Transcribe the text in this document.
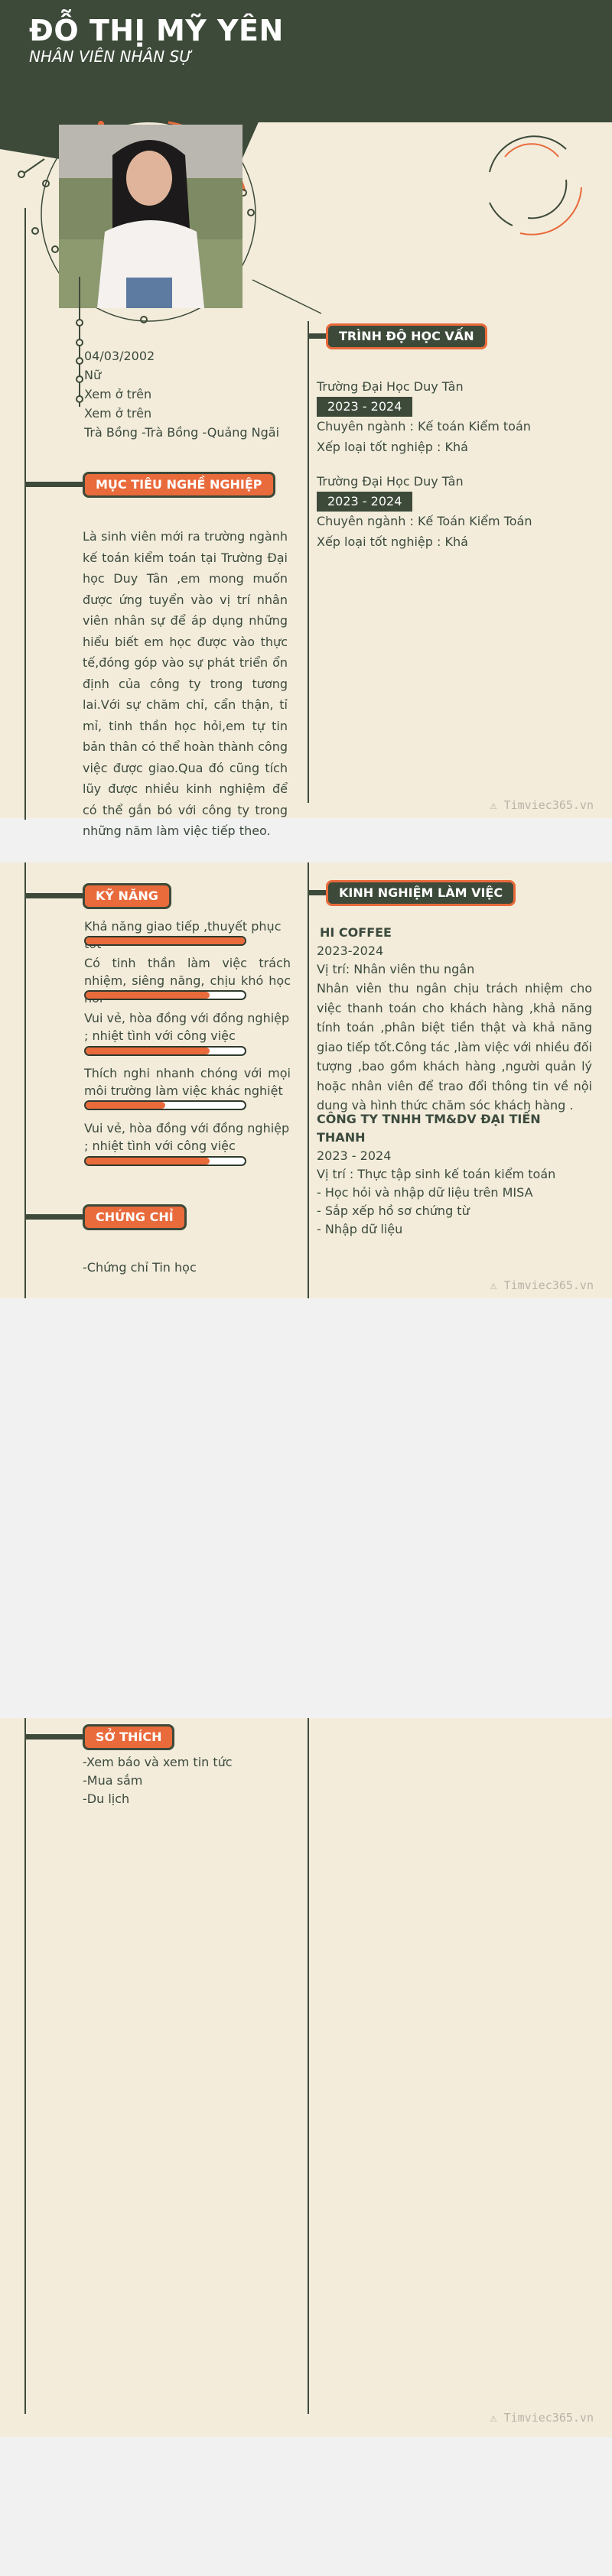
ĐỖ THỊ MỸ YÊN
NHÂN VIÊN NHÂN SỰ
04/03/2002
Nữ
Xem ở trên
Xem ở trên
Trà Bồng -Trà Bồng -Quảng Ngãi
MỤC TIÊU NGHỀ NGHIỆP
Là sinh viên mới ra trường ngành kế toán kiểm toán tại Trường Đại học Duy Tân ,em mong muốn được ứng tuyển vào vị trí nhân viên nhân sự để áp dụng những hiểu biết em học được vào thực tế,đóng góp vào sự phát triển ổn định của công ty trong tương lai.Với sự chăm chỉ, cẩn thận, tỉ mỉ, tinh thần học hỏi,em tự tin bản thân có thể hoàn thành công việc được giao.Qua đó cũng tích lũy được nhiều kinh nghiệm để có thể gắn bó với công ty trong những năm làm việc tiếp theo.
TRÌNH ĐỘ HỌC VẤN
Trường Đại Học Duy Tân
2023 - 2024
Chuyên ngành : Kế toán Kiểm toán
Xếp loại tốt nghiệp : Khá
Trường Đại Học Duy Tân
2023 - 2024
Chuyên ngành : Kế Toán Kiểm Toán
Xếp loại tốt nghiệp : Khá
⚠ Timviec365.vn
KỸ NĂNG
Khả năng giao tiếp ,thuyết phục
Có tinh thần làm việc trách nhiệm, siêng năng, chịu khó học
Vui vẻ, hòa đồng với đồng nghiệp ; nhiệt tình với công việc
Thích nghi nhanh chóng với mọi môi trường làm việc khác nghiệt
Vui vẻ, hòa đồng với đồng nghiệp ; nhiệt tình với công việc
CHỨNG CHỈ
-Chứng chỉ Tin học
KINH NGHIỆM LÀM VIỆC
HI COFFEE
2023-2024
Vị trí: Nhân viên thu ngân
Nhân viên thu ngân chịu trách nhiệm cho việc thanh toán cho khách hàng ,khả năng tính toán ,phân biệt tiền thật và khả năng giao tiếp tốt.Công tác ,làm việc với nhiều đối tượng ,bao gồm khách hàng ,người quản lý hoặc nhân viên để trao đổi thông tin về nội dung và hình thức chăm sóc khách hàng .
CÔNG TY TNHH TM&DV ĐẠI TIẾN THANH
2023 - 2024
Vị trí : Thực tập sinh kế toán kiểm toán
- Học hỏi và nhập dữ liệu trên MISA
- Sắp xếp hồ sơ chứng từ
- Nhập dữ liệu
⚠ Timviec365.vn
SỞ THÍCH
-Xem báo và xem tin tức
-Mua sắm
-Du lịch
⚠ Timviec365.vn
